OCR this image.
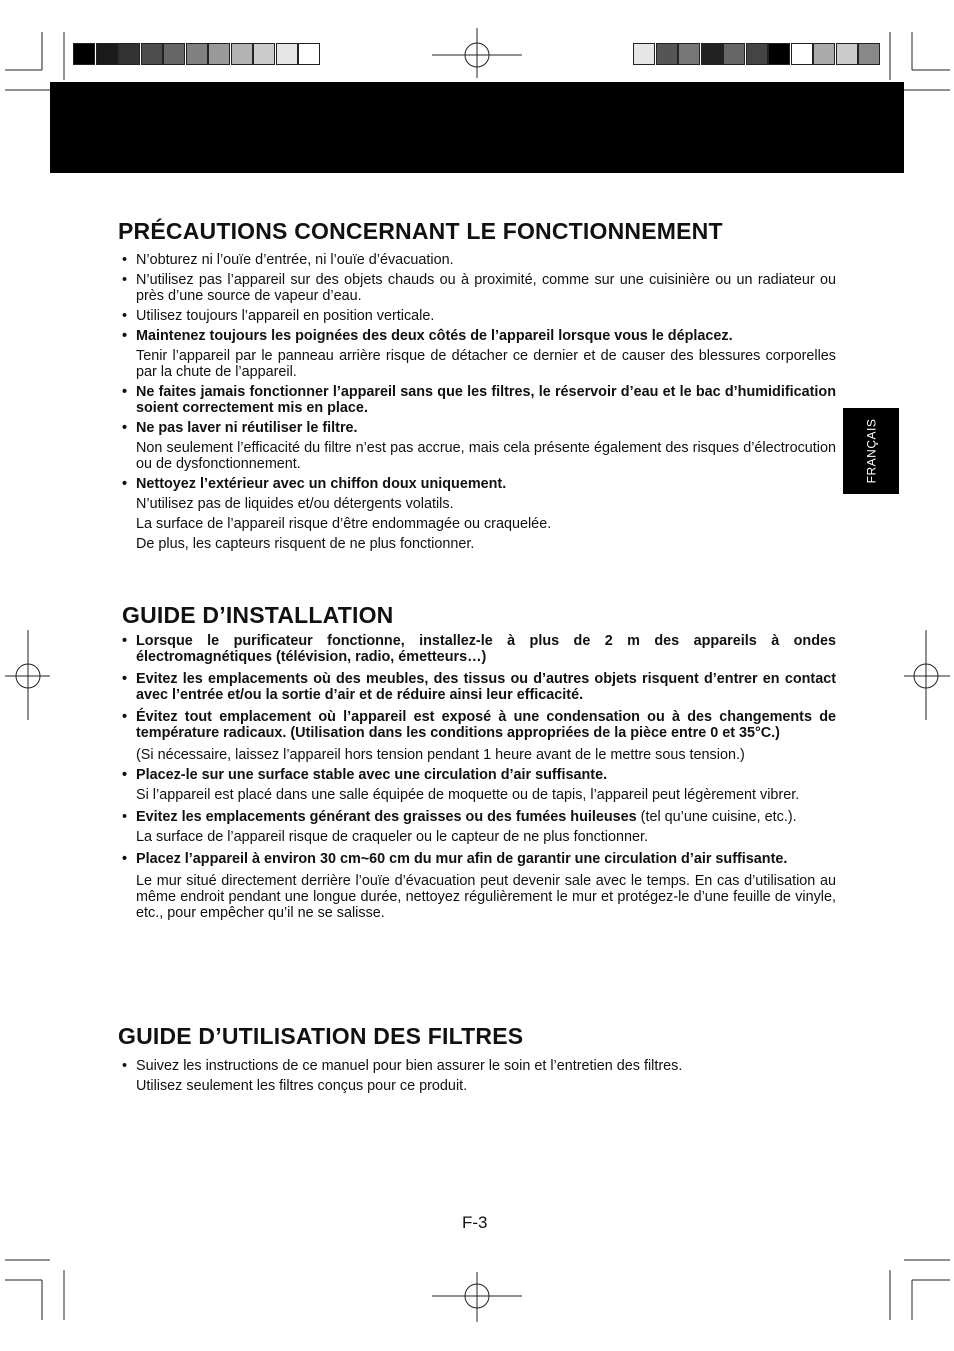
FRANÇAIS
PRÉCAUTIONS CONCERNANT LE FONCTIONNEMENT
• N’obturez ni l’ouïe d’entrée, ni l’ouïe d’évacuation.
• N’utilisez pas l’appareil sur des objets chauds ou à proximité, comme sur une cuisinière ou un radiateur ou près d’une source de vapeur d’eau.
• Utilisez toujours l’appareil en position verticale.
• Maintenez toujours les poignées des deux côtés de l’appareil lorsque vous le déplacez.
Tenir l’appareil par le panneau arrière risque de détacher ce dernier et de causer des blessures corporelles par la chute de l’appareil.
• Ne faites jamais fonctionner l’appareil sans que les filtres, le réservoir d’eau et le bac d’humidification soient correctement mis en place.
• Ne pas laver ni réutiliser le filtre.
Non seulement l’efficacité du filtre n’est pas accrue, mais cela présente également des risques d’électrocution ou de dysfonctionnement.
• Nettoyez l’extérieur avec un chiffon doux uniquement.
N’utilisez pas de liquides et/ou détergents volatils.
La surface de l’appareil risque d’être endommagée ou craquelée.
De plus, les capteurs risquent de ne plus fonctionner.
GUIDE D’INSTALLATION
• Lorsque le purificateur fonctionne, installez-le à plus de 2 m des appareils à ondes électromagnétiques (télévision, radio, émetteurs…)
• Evitez les emplacements où des meubles, des tissus ou d’autres objets risquent d’entrer en contact avec l’entrée et/ou la sortie d’air et de réduire ainsi leur efficacité.
• Évitez tout emplacement où l’appareil est exposé à une condensation ou à des changements de température radicaux. (Utilisation dans les conditions appropriées de la pièce entre 0 et 35°C.)
(Si nécessaire, laissez l’appareil hors tension pendant 1 heure avant de le mettre sous tension.)
• Placez-le sur une surface stable avec une circulation d’air suffisante.
Si l’appareil est placé dans une salle équipée de moquette ou de tapis, l’appareil peut légèrement vibrer.
• Evitez les emplacements générant des graisses ou des fumées huileuses (tel qu’une cuisine, etc.).
La surface de l’appareil risque de craqueler ou le capteur de ne plus fonctionner.
• Placez l’appareil à environ 30 cm~60 cm du mur afin de garantir une circulation d’air suffisante.
Le mur situé directement derrière l’ouïe d’évacuation peut devenir sale avec le temps. En cas d’utilisation au même endroit pendant une longue durée, nettoyez régulièrement le mur et protégez-le d’une feuille de vinyle, etc., pour empêcher qu’il ne se salisse.
GUIDE D’UTILISATION DES FILTRES
• Suivez les instructions de ce manuel pour bien assurer le soin et l’entretien des filtres.
Utilisez seulement les filtres conçus pour ce produit.
F-3
